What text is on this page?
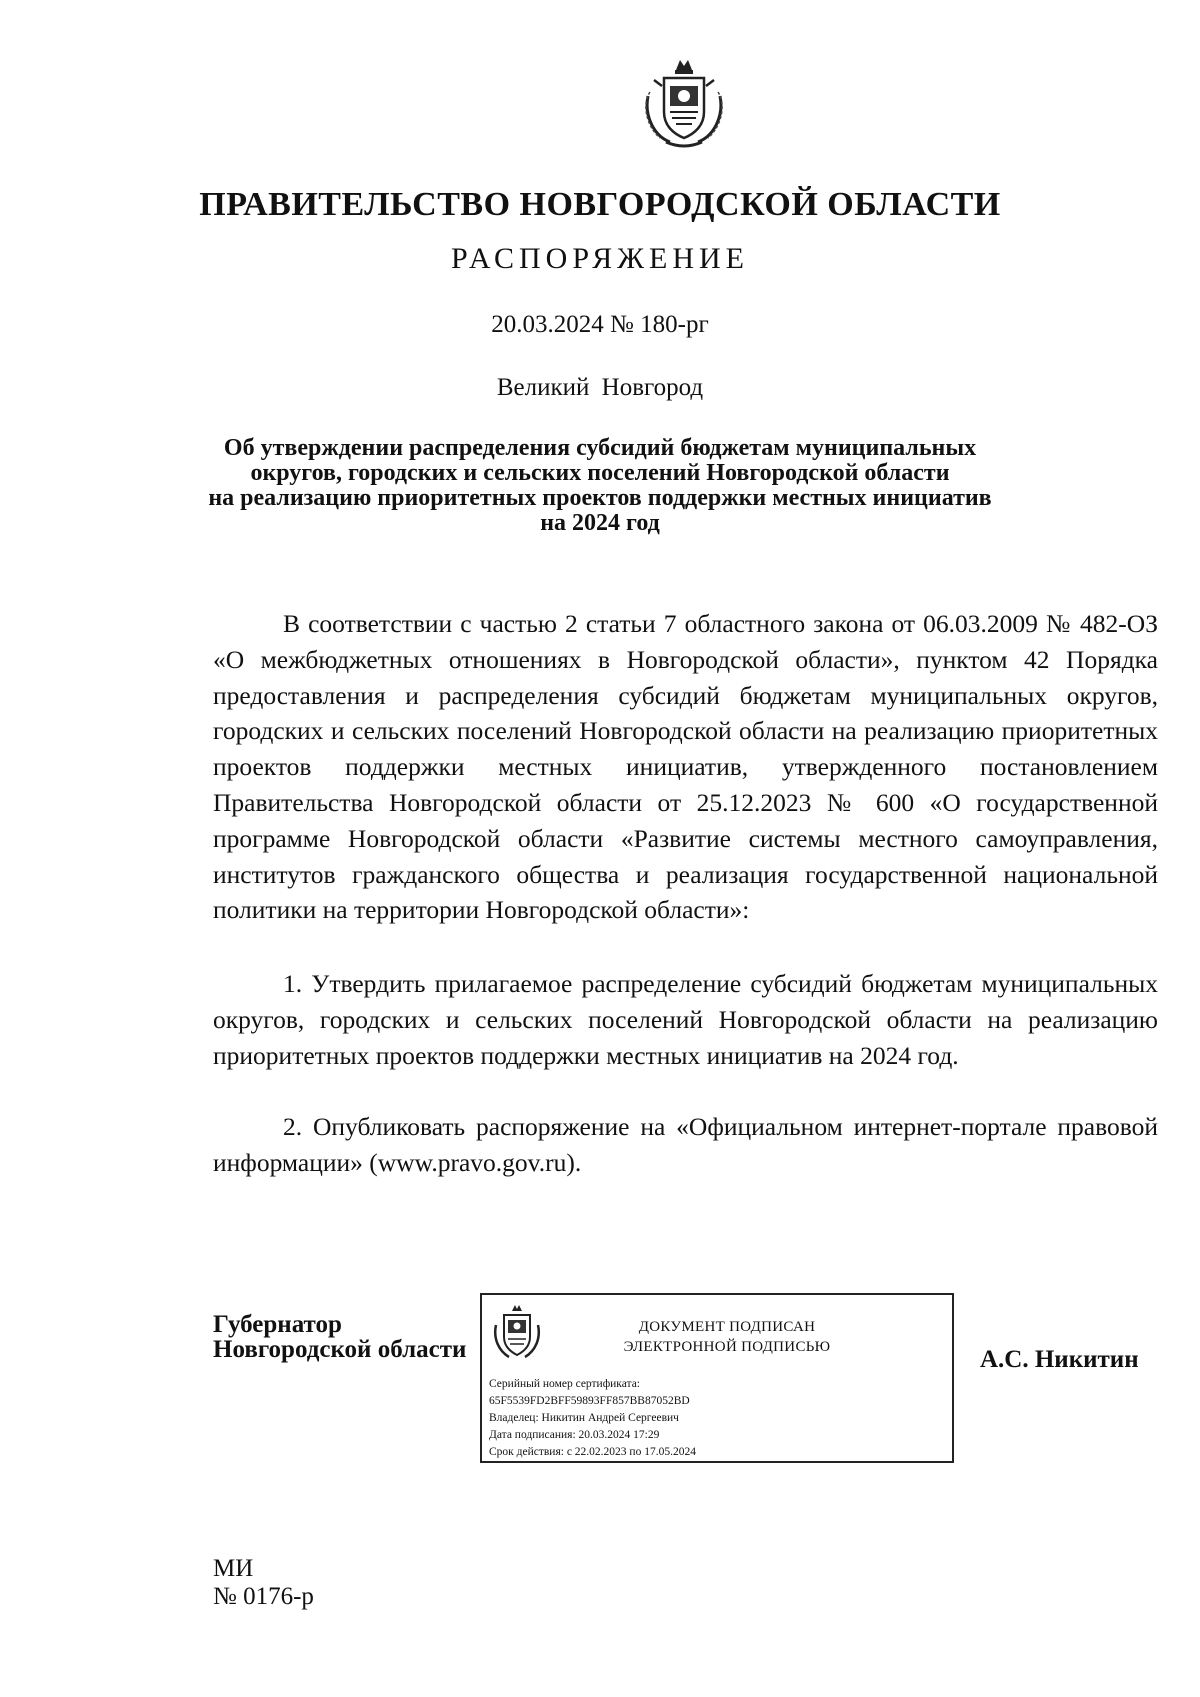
ПРАВИТЕЛЬСТВО НОВГОРОДСКОЙ ОБЛАСТИ
РАСПОРЯЖЕНИЕ
20.03.2024 № 180-рг
Великий Новгород
Об утверждении распределения субсидий бюджетам муниципальных
округов, городских и сельских поселений Новгородской области
на реализацию приоритетных проектов поддержки местных инициатив
на 2024 год

В соответствии с частью 2 статьи 7 областного закона от 06.03.2009 № 482-ОЗ «О межбюджетных отношениях в Новгородской области», пунктом 42 Порядка предоставления и распределения субсидий бюджетам муниципальных округов, городских и сельских поселений Новгородской области на реализацию приоритетных проектов поддержки местных инициатив, утвержденного постановлением Правительства Новгородской области от 25.12.2023 № 600 «О государственной программе Новгородской области «Развитие системы местного самоуправления, институтов гражданского общества и реализация государственной национальной политики на территории Новгородской области»:

1. Утвердить прилагаемое распределение субсидий бюджетам муниципальных округов, городских и сельских поселений Новгородской области на реализацию приоритетных проектов поддержки местных инициатив на 2024 год.

2. Опубликовать распоряжение на «Официальном интернет-портале правовой информации» (www.pravo.gov.ru).

Губернатор
Новгородской области
ДОКУМЕНТ ПОДПИСАН
ЭЛЕКТРОННОЙ ПОДПИСЬЮ
Серийный номер сертификата:
65F5539FD2BFF59893FF857BB87052BD
Владелец: Никитин Андрей Сергеевич
Дата подписания: 20.03.2024 17:29
Срок действия: с 22.02.2023 по 17.05.2024
А.С. Никитин
МИ
№ 0176-р
